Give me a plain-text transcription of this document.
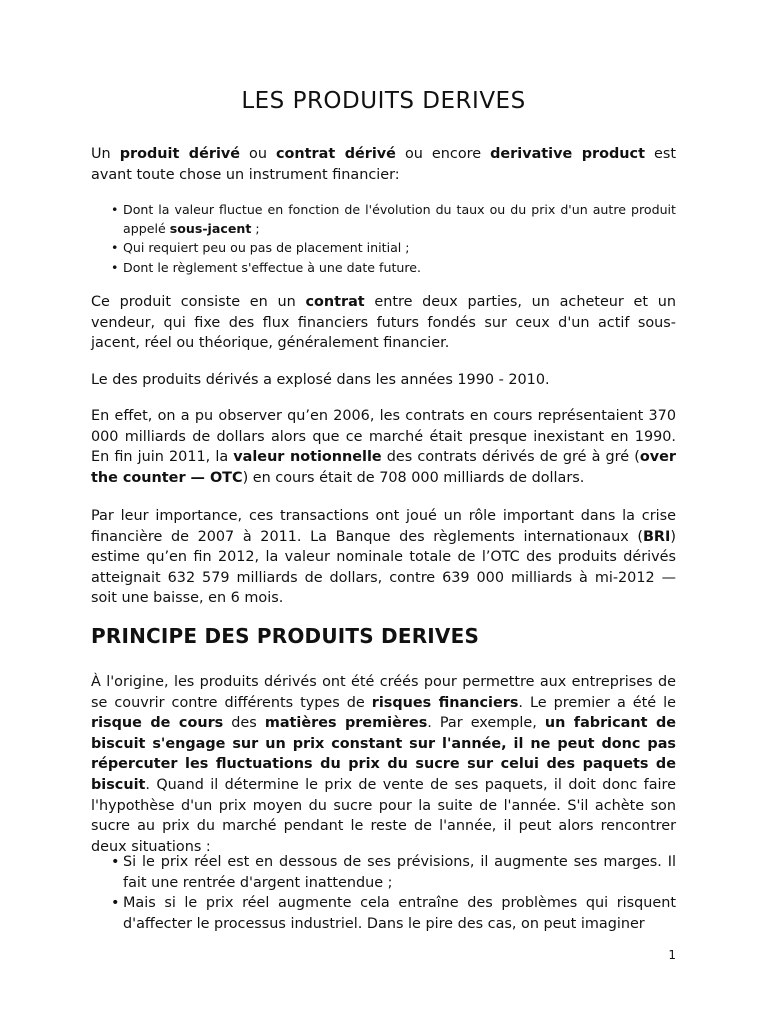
LES PRODUITS DERIVES

Un produit dérivé ou contrat dérivé ou encore derivative product est avant toute chose un instrument financier:

• Dont la valeur fluctue en fonction de l'évolution du taux ou du prix d'un autre produit appelé sous-jacent ;
• Qui requiert peu ou pas de placement initial ;
• Dont le règlement s'effectue à une date future.

Ce produit consiste en un contrat entre deux parties, un acheteur et un vendeur, qui fixe des flux financiers futurs fondés sur ceux d'un actif sous-jacent, réel ou théorique, généralement financier.

Le des produits dérivés a explosé dans les années 1990 - 2010.

En effet, on a pu observer qu’en 2006, les contrats en cours représentaient 370 000 milliards de dollars alors que ce marché était presque inexistant en 1990. En fin juin 2011, la valeur notionnelle des contrats dérivés de gré à gré (over the counter — OTC) en cours était de 708 000 milliards de dollars.

Par leur importance, ces transactions ont joué un rôle important dans la crise financière de 2007 à 2011. La Banque des règlements internationaux (BRI) estime qu’en fin 2012, la valeur nominale totale de l’OTC des produits dérivés atteignait 632 579 milliards de dollars, contre 639 000 milliards à mi-2012 — soit une baisse, en 6 mois.

PRINCIPE DES PRODUITS DERIVES

À l'origine, les produits dérivés ont été créés pour permettre aux entreprises de se couvrir contre différents types de risques financiers. Le premier a été le risque de cours des matières premières. Par exemple, un fabricant de biscuit s'engage sur un prix constant sur l'année, il ne peut donc pas répercuter les fluctuations du prix du sucre sur celui des paquets de biscuit. Quand il détermine le prix de vente de ses paquets, il doit donc faire l'hypothèse d'un prix moyen du sucre pour la suite de l'année. S'il achète son sucre au prix du marché pendant le reste de l'année, il peut alors rencontrer deux situations :

• Si le prix réel est en dessous de ses prévisions, il augmente ses marges. Il fait une rentrée d'argent inattendue ;
• Mais si le prix réel augmente cela entraîne des problèmes qui risquent d'affecter le processus industriel. Dans le pire des cas, on peut imaginer
1
